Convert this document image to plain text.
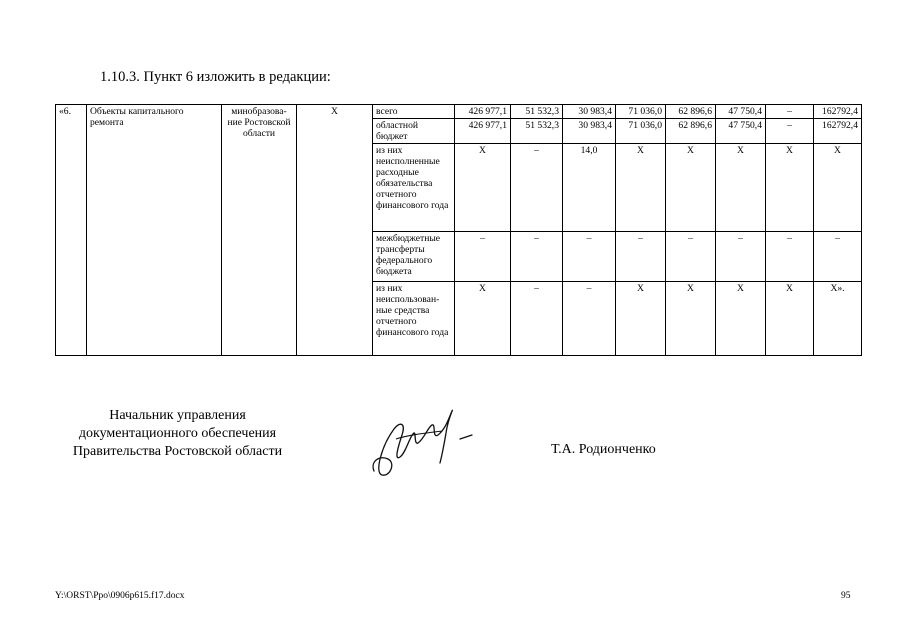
1.10.3. Пункт 6 изложить в редакции:
«6.	Объекты капитального ремонта	минобразова-ние Ростовской области	X	всего	426 977,1	51 532,3	30 983,4	71 036,0	62 896,6	47 750,4	–	162792,4
				областной бюджет	426 977,1	51 532,3	30 983,4	71 036,0	62 896,6	47 750,4	–	162792,4
				из них неисполненные расходные обязательства отчетного финансового года	X	–	14,0	X	X	X	X	X
				межбюджетные трансферты федерального бюджета	–	–	–	–	–	–	–	–
				из них неиспользован-ные средства отчетного финансового года	X	–	–	X	X	X	X	X».
Начальник управления
документационного обеспечения
Правительства Ростовской области	Т.А. Родионченко
Y:\ORST\Ppo\0906p615.f17.docx	95
